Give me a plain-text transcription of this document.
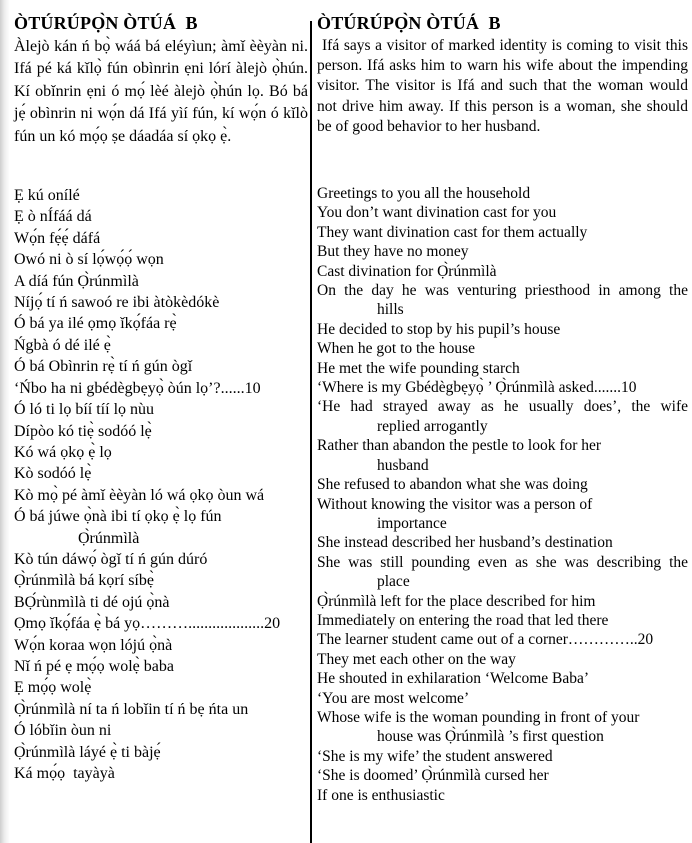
ÒTÚRÚPỌ̀N ÒTÚÁ  B

Àlejò kán ń bọ̀ wáá bá eléyìun; àmǐ èèyàn ni. Ifá pé ká kǐlọ̀ fún obìnrin ẹni lórí àlejò ọ̀hún. Kí obǐnrin ẹni ó mọ́ lèé àlejò ọ̀hún lọ. Bó bá jẹ́ obìnrin ni wọ́n dá Ifá yìí fún, kí wọ́n ó kǐlò fún un kó mọ́ọ ṣe dáadáa sí ọkọ ẹ̀.

Ẹ kú onílé
Ẹ ò nÍfáá dá
Wọ́n fẹ́ẹ́ dáfá
Owó ni ò sí lọ́wọ́ọ́ wọn
A díá fún Ọ̀rúnmìlà
Níjọ́ tí ń sawoó re ibi àtòkèdókè
Ó bá ya ilé ọmọ ǐkọ́fáa rẹ̀
Ńgbà ó dé ilé ẹ̀
Ó bá Obìnrin rẹ̀ tí ń gún ògǐ
‘Ńbo ha ni gbédègbẹyọ̀ òún lọ’?......10
Ó ló ti lọ bíí tíí lọ nùu
Dípòo kó tiẹ̀ sodóó lẹ̀
Kó wá ọkọ ẹ̀ lọ
Kò sodóó lẹ̀
Kò mọ̀ pé àmǐ èèyàn ló wá ọkọ òun wá
Ó bá júwe ọ̀nà ibi tí ọkọ ẹ̀ lọ fún
Ọ̀rúnmìlà
Kò tún dáwọ́ ògǐ tí ń gún dúró
Ọ̀rúnmìlà bá kọrí síbẹ̀
BỌ́rùnmìlà ti dé ojú ọ̀nà
Ọmọ ǐkọ́fáa ẹ̀ bá yọ………...................20
Wọ́n koraa wọn lójú ọ̀nà
Nǐ ń pé ẹ mọ́ọ wolẹ̀ baba
Ẹ mọ́ọ wolẹ̀
Ọ̀rúnmìlà ní ta ń lobǐin tí ń bẹ ńta un
Ó lóbǐin òun ni
Ọ̀rúnmìlà láyé ẹ̀ ti bàjẹ́
Ká mọ́ọ  tayàyà
ÒTÚRÚPỌ̀N ÒTÚÁ  B

Ifá says a visitor of marked identity is coming to visit this person. Ifá asks him to warn his wife about the impending visitor. The visitor is Ifá and such that the woman would not drive him away. If this person is a woman, she should be of good behavior to her husband.

Greetings to you all the household
You don’t want divination cast for you
They want divination cast for them actually
But they have no money
Cast divination for Ọ̀rúnmìlà
On the day he was venturing priesthood in among the
hills
He decided to stop by his pupil’s house
When he got to the house
He met the wife pounding starch
‘Where is my Gbédègbẹyọ̀ ’ Ọ̀rúnmìlà asked.......10
‘He had strayed away as he usually does’, the wife
replied arrogantly
Rather than abandon the pestle to look for her
husband
She refused to abandon what she was doing
Without knowing the visitor was a person of
importance
She instead described her husband’s destination
She was still pounding even as she was describing the
place
Ọ̀rúnmìlà left for the place described for him
Immediately on entering the road that led there
The learner student came out of a corner…………..20
They met each other on the way
He shouted in exhilaration ‘Welcome Baba’
‘You are most welcome’
Whose wife is the woman pounding in front of your
house was Ọ̀rúnmìlà ’s first question
‘She is my wife’ the student answered
‘She is doomed’ Ọ̀rúnmìlà cursed her
If one is enthusiastic
